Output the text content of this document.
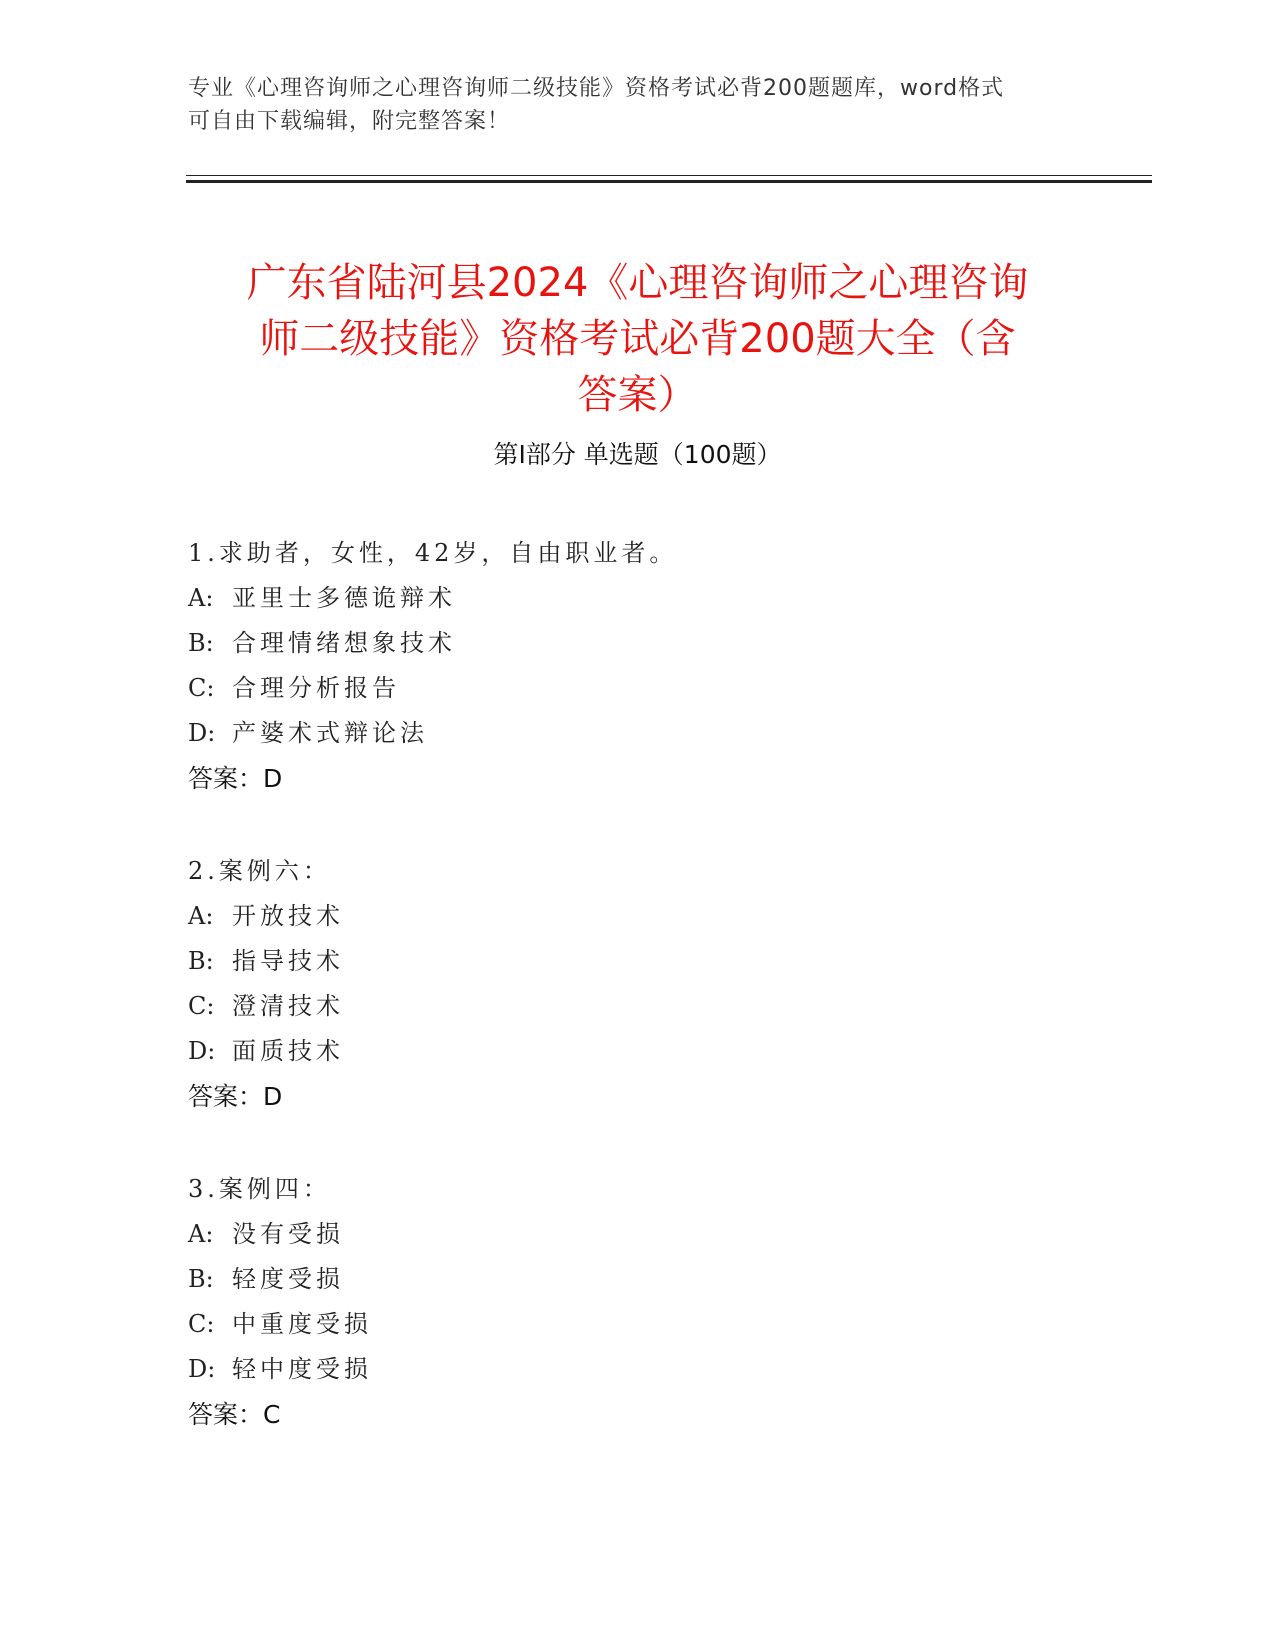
专业《心理咨询师之心理咨询师二级技能》资格考试必背200题题库，word格式
可自由下载编辑，附完整答案！
广东省陆河县2024《心理咨询师之心理咨询
师二级技能》资格考试必背200题大全（含
答案）
第Ⅰ部分 单选题（100题）
1.求助者，女性，42岁，自由职业者。
A: 亚里士多德诡辩术
B: 合理情绪想象技术
C: 合理分析报告
D: 产婆术式辩论法
答案：D
2.案例六：
A: 开放技术
B: 指导技术
C: 澄清技术
D: 面质技术
答案：D
3.案例四：
A: 没有受损
B: 轻度受损
C: 中重度受损
D: 轻中度受损
答案：C
